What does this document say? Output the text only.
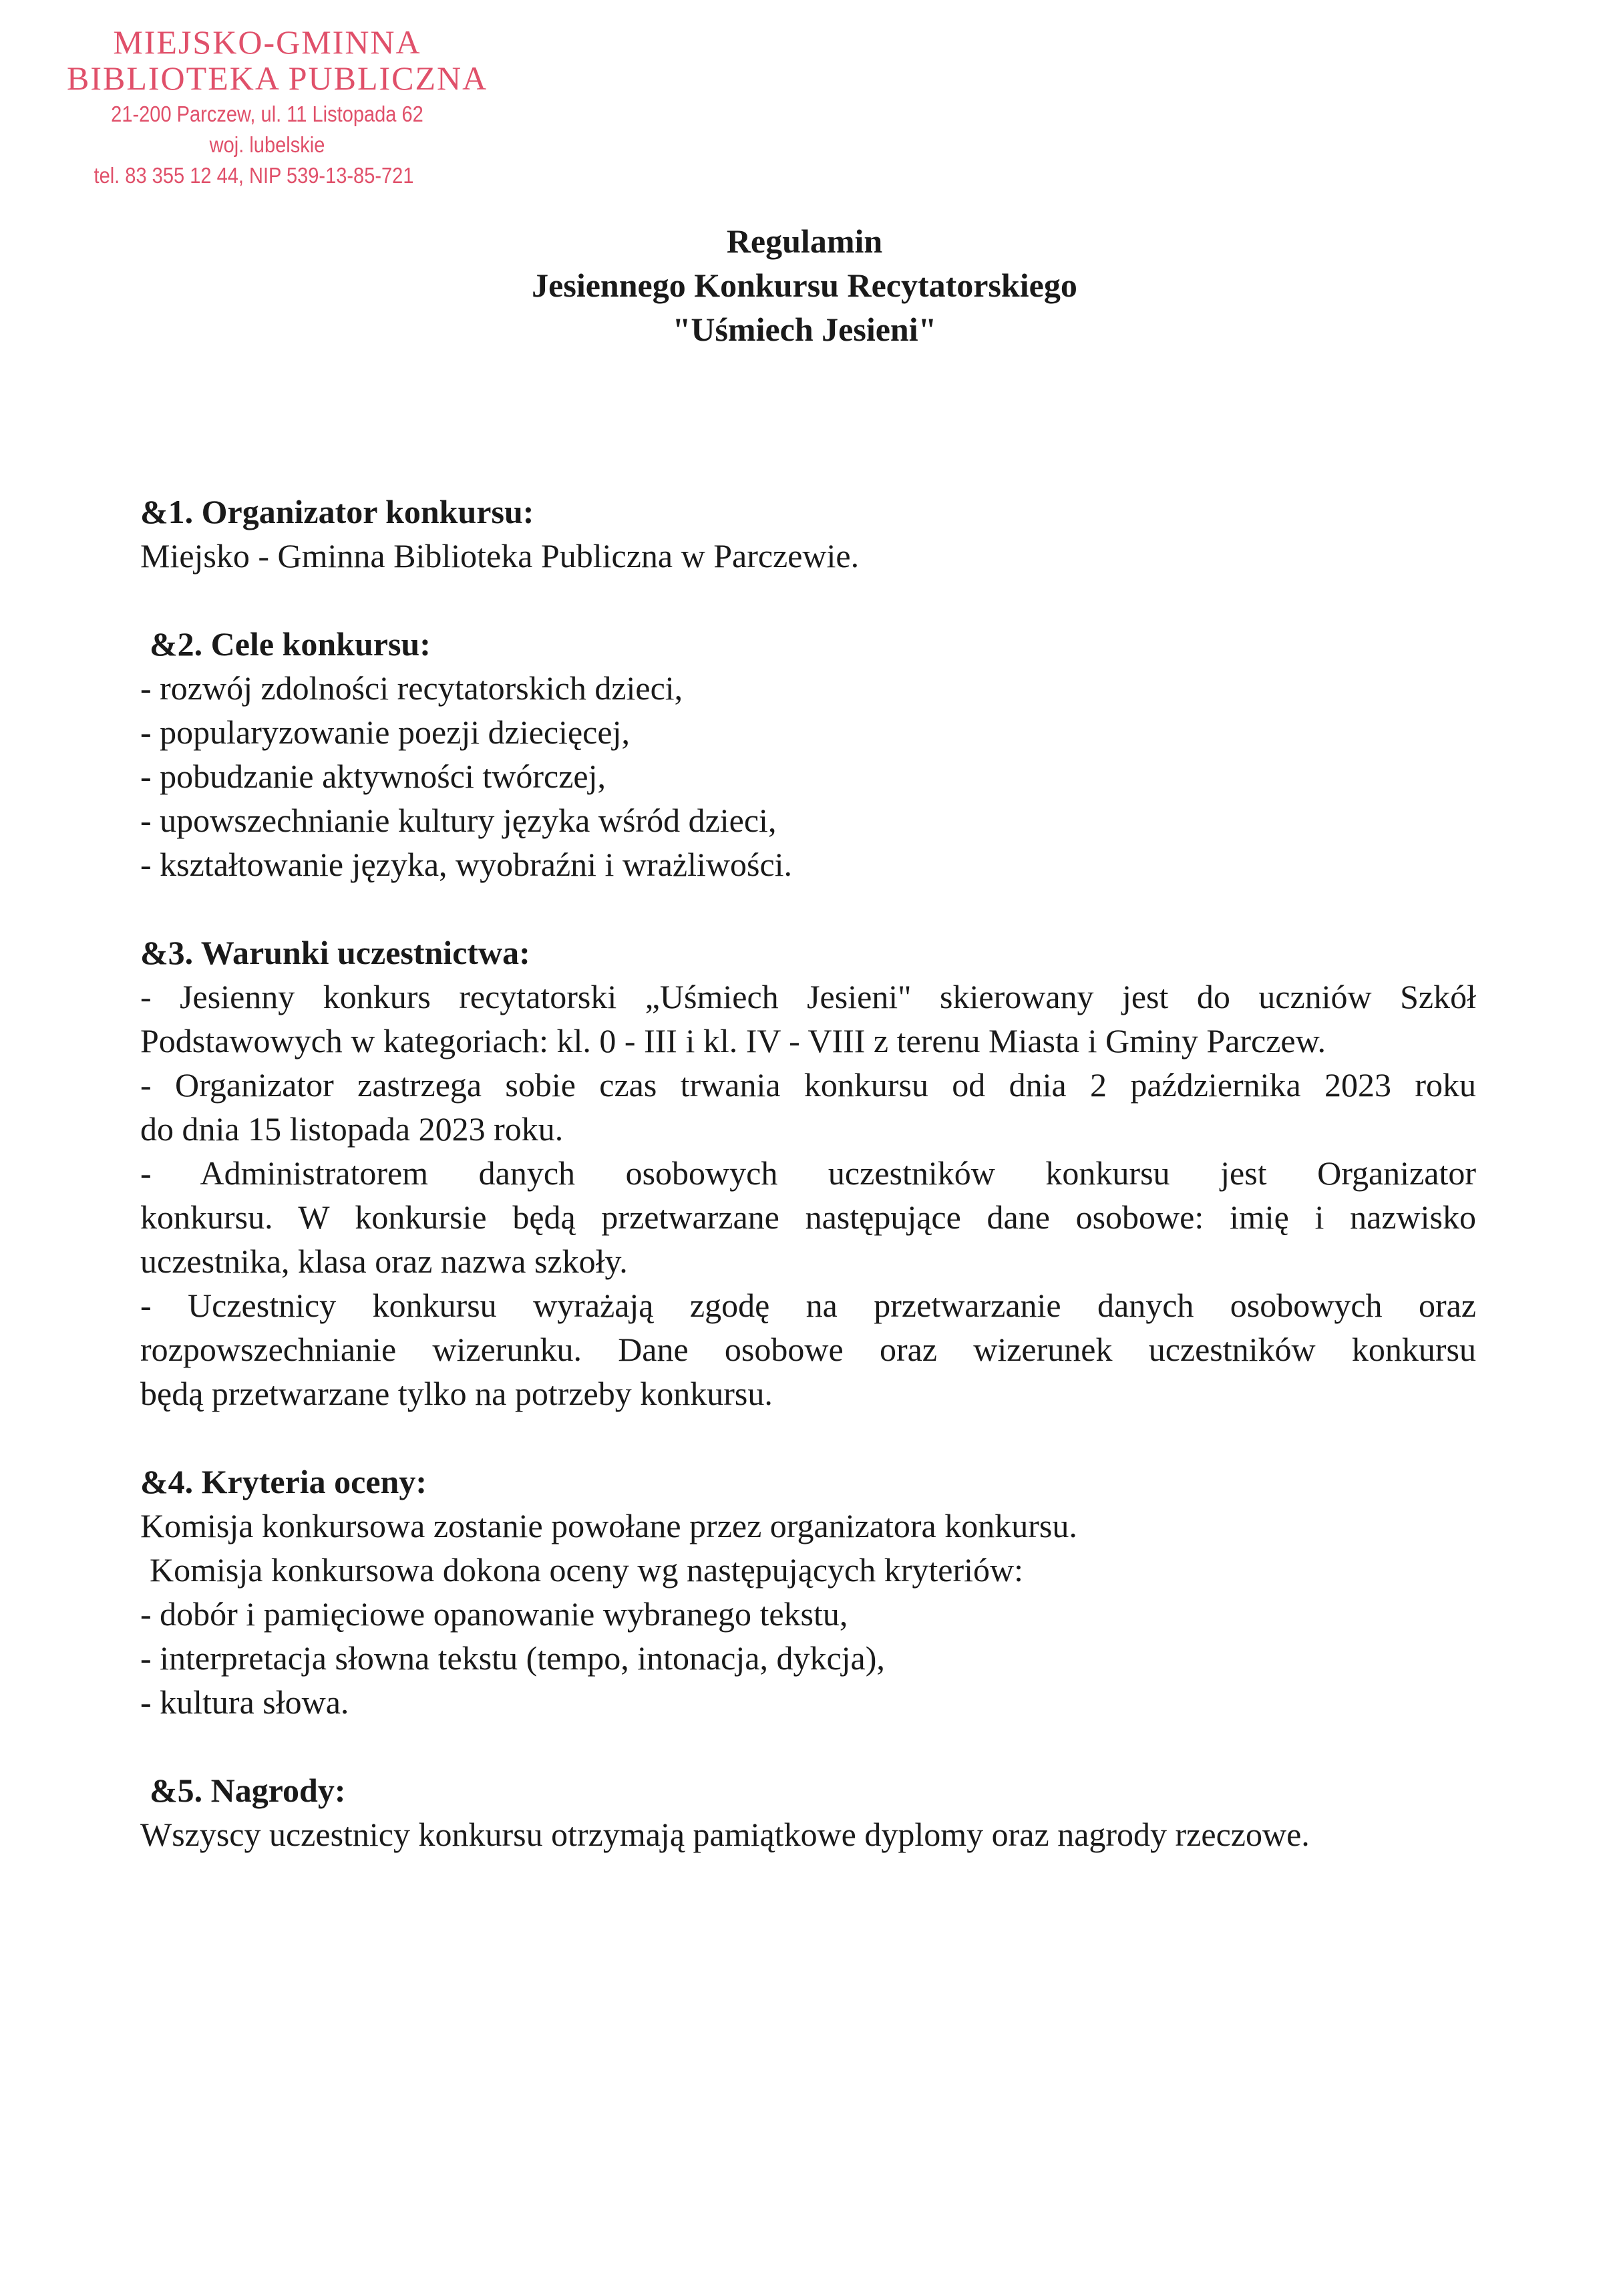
MIEJSKO-GMINNA
BIBLIOTEKA PUBLICZNA
21-200 Parczew, ul. 11 Listopada 62
woj. lubelskie
tel. 83 355 12 44, NIP 539-13-85-721
Regulamin
Jesiennego Konkursu Recytatorskiego
"Uśmiech Jesieni"
&1. Organizator konkursu:
Miejsko - Gminna Biblioteka Publiczna w Parczewie.
&2. Cele konkursu:
- rozwój zdolności recytatorskich dzieci,
- popularyzowanie poezji dziecięcej,
- pobudzanie aktywności twórczej,
- upowszechnianie kultury języka wśród dzieci,
- kształtowanie języka, wyobraźni i wrażliwości.
&3. Warunki uczestnictwa:
- Jesienny konkurs recytatorski „Uśmiech Jesieni" skierowany jest do uczniów Szkół
Podstawowych w kategoriach: kl. 0 - III i kl. IV - VIII z terenu Miasta i Gminy Parczew.
- Organizator zastrzega sobie czas trwania konkursu od dnia 2 października 2023 roku
do dnia 15 listopada 2023 roku.
- Administratorem danych osobowych uczestników konkursu jest Organizator
konkursu. W konkursie będą przetwarzane następujące dane osobowe: imię i nazwisko
uczestnika, klasa oraz nazwa szkoły.
- Uczestnicy konkursu wyrażają zgodę na przetwarzanie danych osobowych oraz
rozpowszechnianie wizerunku. Dane osobowe oraz wizerunek uczestników konkursu
będą przetwarzane tylko na potrzeby konkursu.
&4. Kryteria oceny:
Komisja konkursowa zostanie powołane przez organizatora konkursu.
Komisja konkursowa dokona oceny wg następujących kryteriów:
- dobór i pamięciowe opanowanie wybranego tekstu,
- interpretacja słowna tekstu (tempo, intonacja, dykcja),
- kultura słowa.
&5. Nagrody:
Wszyscy uczestnicy konkursu otrzymają pamiątkowe dyplomy oraz nagrody rzeczowe.
